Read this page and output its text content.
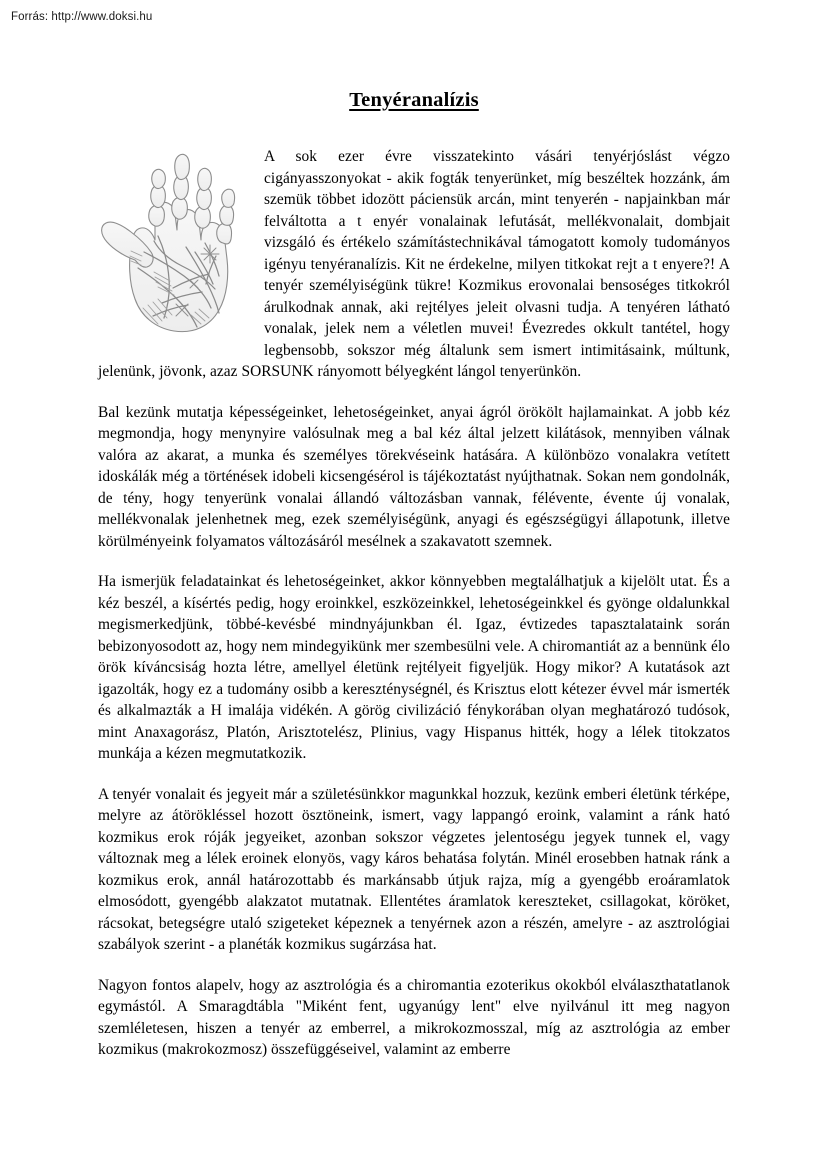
Forrás: http://www.doksi.hu
Tenyéranalízis

A sok ezer évre visszatekinto vásári tenyérjóslást végzo cigányasszonyokat - akik fogták tenyerünket, míg beszéltek hozzánk, ám szemük többet idozött páciensük arcán, mint tenyerén - napjainkban már felváltotta a t enyér vonalainak lefutását, mellékvonalait, dombjait vizsgáló és értékelo számítástechnikával támogatott komoly tudományos igényu tenyéranalízis. Kit ne érdekelne, milyen titkokat rejt a t enyere?! A tenyér személyiségünk tükre! Kozmikus erovonalai bensoséges titkokról árulkodnak annak, aki rejtélyes jeleit olvasni tudja. A tenyéren látható vonalak, jelek nem a véletlen muvei! Évezredes okkult tantétel, hogy legbensobb, sokszor még általunk sem ismert intimitásaink, múltunk, jelenünk, jövonk, azaz SORSUNK rányomott bélyegként lángol tenyerünkön.

Bal kezünk mutatja képességeinket, lehetoségeinket, anyai ágról örökölt hajlamainkat. A jobb kéz megmondja, hogy menynyire valósulnak meg a bal kéz által jelzett kilátások, mennyiben válnak valóra az akarat, a munka és személyes törekvéseink hatására. A különbözo vonalakra vetített idoskálák még a történések idobeli kicsengésérol is tájékoztatást nyújthatnak. Sokan nem gondolnák, de tény, hogy tenyerünk vonalai állandó változásban vannak, félévente, évente új vonalak, mellékvonalak jelenhetnek meg, ezek személyiségünk, anyagi és egészségügyi állapotunk, illetve körülményeink folyamatos változásáról mesélnek a szakavatott szemnek.

Ha ismerjük feladatainkat és lehetoségeinket, akkor könnyebben megtalálhatjuk a kijelölt utat. És a kéz beszél, a kísértés pedig, hogy eroinkkel, eszközeinkkel, lehetoségeinkkel és gyönge oldalunkkal megismerkedjünk, többé-kevésbé mindnyájunkban él. Igaz, évtizedes tapasztalataink során bebizonyosodott az, hogy nem mindegyikünk mer szembesülni vele. A chiromantiát az a bennünk élo örök kíváncsiság hozta létre, amellyel életünk rejtélyeit figyeljük. Hogy mikor? A kutatások azt igazolták, hogy ez a tudomány osibb a kereszténységnél, és Krisztus elott kétezer évvel már ismerték és alkalmazták a H imalája vidékén. A görög civilizáció fénykorában olyan meghatározó tudósok, mint Anaxagorász, Platón, Arisztotelész, Plinius, vagy Hispanus hitték, hogy a lélek titokzatos munkája a kézen megmutatkozik.

A tenyér vonalait és jegyeit már a születésünkkor magunkkal hozzuk, kezünk emberi életünk térképe, melyre az átörökléssel hozott ösztöneink, ismert, vagy lappangó eroink, valamint a ránk ható kozmikus erok róják jegyeiket, azonban sokszor végzetes jelentoségu jegyek tunnek el, vagy változnak meg a lélek eroinek elonyös, vagy káros behatása folytán. Minél erosebben hatnak ránk a kozmikus erok, annál határozottabb és markánsabb útjuk rajza, míg a gyengébb eroáramlatok elmosódott, gyengébb alakzatot mutatnak. Ellentétes áramlatok kereszteket, csillagokat, köröket, rácsokat, betegségre utaló szigeteket képeznek a tenyérnek azon a részén, amelyre - az asztrológiai szabályok szerint - a planéták kozmikus sugárzása hat.

Nagyon fontos alapelv, hogy az asztrológia és a chiromantia ezoterikus okokból elválaszthatatlanok egymástól. A Smaragdtábla "Miként fent, ugyanúgy lent" elve nyilvánul itt meg nagyon szemléletesen, hiszen a tenyér az emberrel, a mikrokozmosszal, míg az asztrológia az ember kozmikus (makrokozmosz) összefüggéseivel, valamint az emberre
